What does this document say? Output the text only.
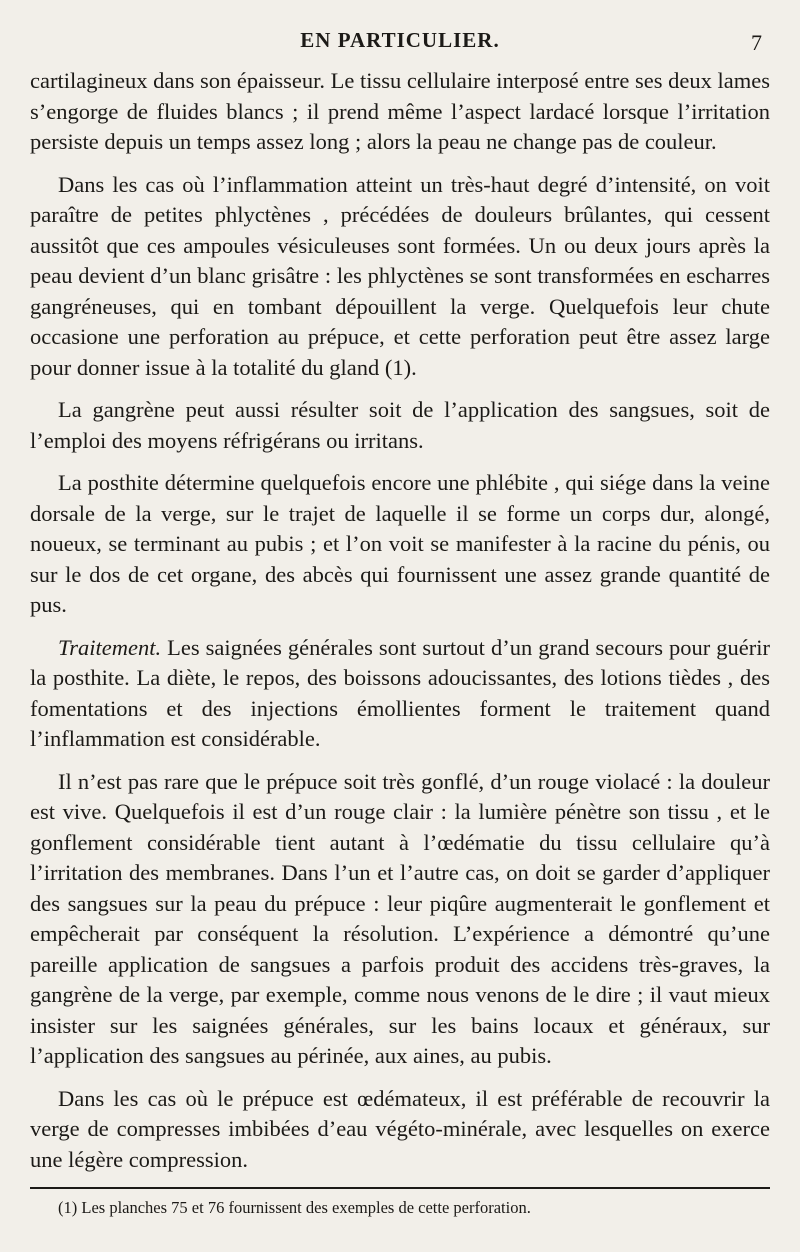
EN PARTICULIER.	7

cartilagineux dans son épaisseur. Le tissu cellulaire interposé entre ses deux lames s’engorge de fluides blancs ; il prend même l’aspect lardacé lorsque l’irritation persiste depuis un temps assez long ; alors la peau ne change pas de couleur.

Dans les cas où l’inflammation atteint un très-haut degré d’intensité, on voit paraître de petites phlyctènes , précédées de douleurs brûlantes, qui cessent aussitôt que ces ampoules vésiculeuses sont formées. Un ou deux jours après la peau devient d’un blanc grisâtre : les phlyctènes se sont transformées en escharres gangréneuses, qui en tombant dépouillent la verge. Quelquefois leur chute occasione une perforation au prépuce, et cette perforation peut être assez large pour donner issue à la totalité du gland (1).

La gangrène peut aussi résulter soit de l’application des sangsues, soit de l’emploi des moyens réfrigérans ou irritans.

La posthite détermine quelquefois encore une phlébite , qui siége dans la veine dorsale de la verge, sur le trajet de laquelle il se forme un corps dur, alongé, noueux, se terminant au pubis ; et l’on voit se manifester à la racine du pénis, ou sur le dos de cet organe, des abcès qui fournissent une assez grande quantité de pus.

Traitement. Les saignées générales sont surtout d’un grand secours pour guérir la posthite. La diète, le repos, des boissons adoucissantes, des lotions tièdes , des fomentations et des injections émollientes forment le traitement quand l’inflammation est considérable.

Il n’est pas rare que le prépuce soit très gonflé, d’un rouge violacé : la douleur est vive. Quelquefois il est d’un rouge clair : la lumière pénètre son tissu , et le gonflement considérable tient autant à l’œdématie du tissu cellulaire qu’à l’irritation des membranes. Dans l’un et l’autre cas, on doit se garder d’appliquer des sangsues sur la peau du prépuce : leur piqûre augmenterait le gonflement et empêcherait par conséquent la résolution. L’expérience a démontré qu’une pareille application de sangsues a parfois produit des accidens très-graves, la gangrène de la verge, par exemple, comme nous venons de le dire ; il vaut mieux insister sur les saignées générales, sur les bains locaux et généraux, sur l’application des sangsues au périnée, aux aines, au pubis.

Dans les cas où le prépuce est œdémateux, il est préférable de recouvrir la verge de compresses imbibées d’eau végéto-minérale, avec lesquelles on exerce une légère compression.

(1) Les planches 75 et 76 fournissent des exemples de cette perforation.
